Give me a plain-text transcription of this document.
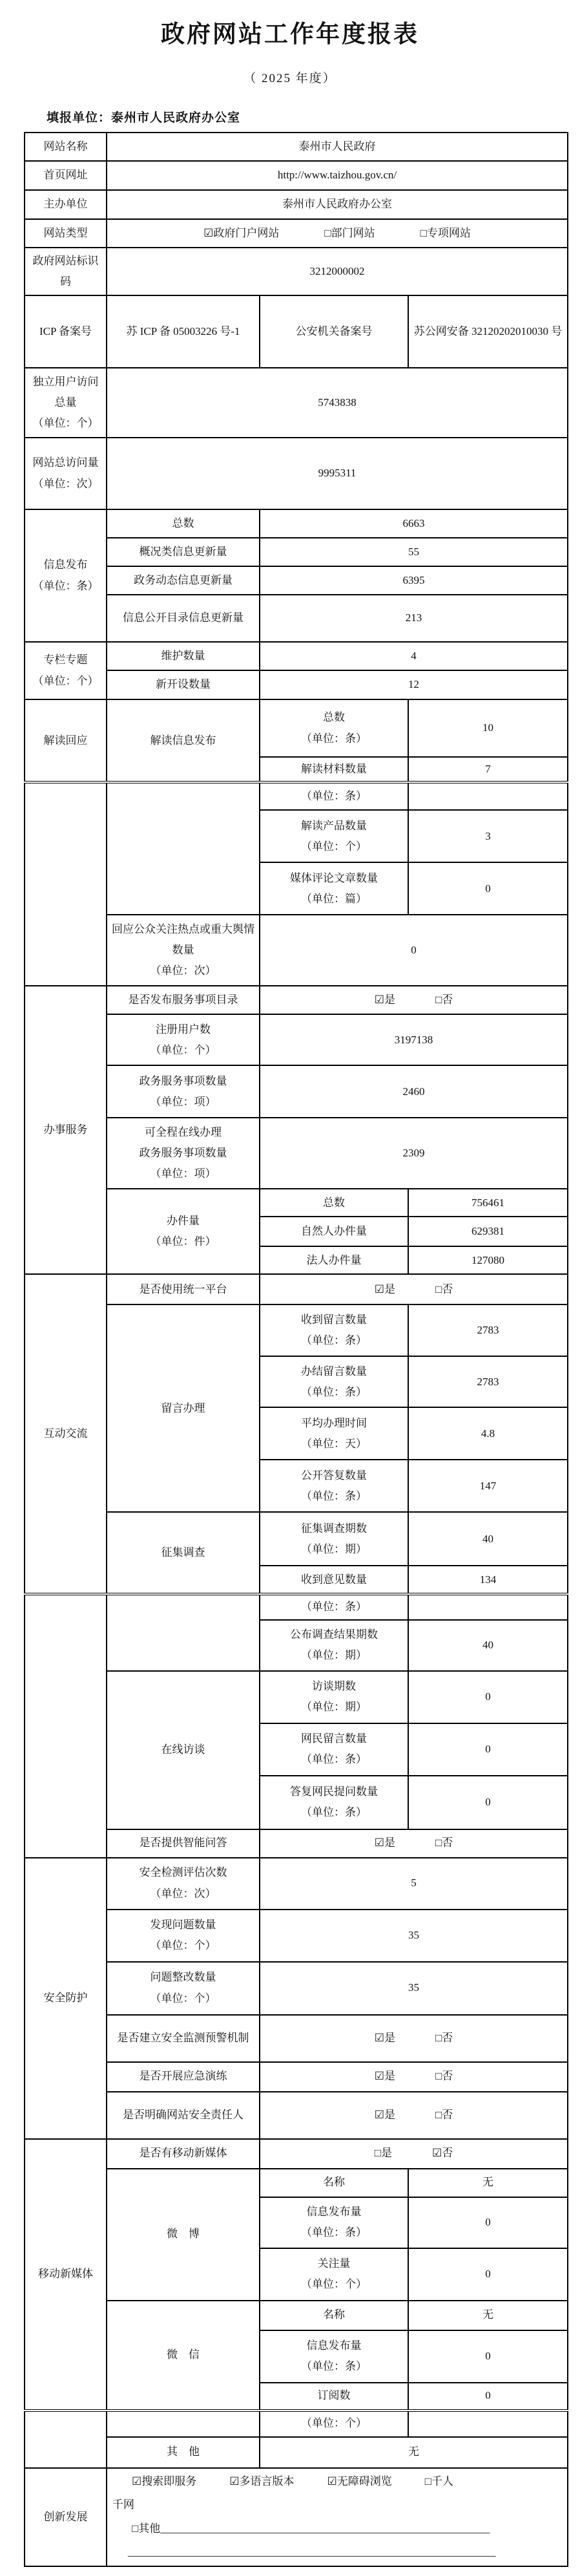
政府网站工作年度报表
（ 2025 年度）
填报单位：泰州市人民政府办公室
网站名称	泰州市人民政府		
首页网址	http://www.taizhou.gov.cn/		
主办单位	泰州市人民政府办公室		
网站类型	☑政府门户网站 □部门网站 □专项网站		

政府网站标识码	3212000002		
ICP 备案号	苏 ICP 备 05003226 号-1	公安机关备案号	苏公网安备 32120202010030 号

独立用户访问总量
（单位：个）	5743838		

网站总访问量
（单位：次）	9995311		

信息发布
（单位：条）	总数	6663	
	概况类信息更新量	55	
	政务动态信息更新量	6395	
	信息公开目录信息更新量	213	

专栏专题
（单位：个）	维护数量	4	
	新开设数量	12	
解读回应	解读信息发布	总数
（单位：条）	10
		解读材料数量	7
		（单位：条）	

		解读产品数量
（单位：个）	3

		媒体评论文章数量
（单位：篇）	0

	回应公众关注热点或重大舆情数量
（单位：次）	0	
办事服务	是否发布服务事项目录	☑是 □否	

	注册用户数
（单位：个）	3197138	

	政务服务事项数量
（单位：项）	2460	

	可全程在线办理
政务服务事项数量
（单位：项）	2309	

	办件量
（单位：件）	总数	756461
		自然人办件量	629381
		法人办件量	127080
互动交流	是否使用统一平台	☑是 □否	

	留言办理	收到留言数量
（单位：条）	2783

		办结留言数量
（单位：条）	2783

		平均办理时间
（单位：天）	4.8

		公开答复数量
（单位：条）	147
	征集调查	征集调查期数
（单位：期）	40
		收到意见数量	134
		（单位：条）	

		公布调查结果期数
（单位：期）	40
	在线访谈	访谈期数
（单位：期）	0

		网民留言数量
（单位：条）	0

		答复网民提问数量
（单位：条）	0
	是否提供智能问答	☑是 □否	

安全防护	安全检测评估次数
（单位：次）	5	

	发现问题数量
（单位：个）	35	

	问题整改数量
（单位：个）	35	
	是否建立安全监测预警机制	☑是 □否	

	是否开展应急演练	☑是 □否	

	是否明确网站安全责任人	☑是 □否	

移动新媒体	是否有移动新媒体	□是 ☑否	

	微　博	名称	无

		信息发布量
（单位：条）	0

		关注量
（单位：个）	0
	微　信	名称	无

		信息发布量
（单位：条）	0
		订阅数	0
		（单位：个）	
	其　他	无	
创新发展	☑搜索即服务　　　☑多语言版本　　　☑无障碍浏览　　　□千人
千网
□其他____________________________________________________________
___________________________________________________________________		
